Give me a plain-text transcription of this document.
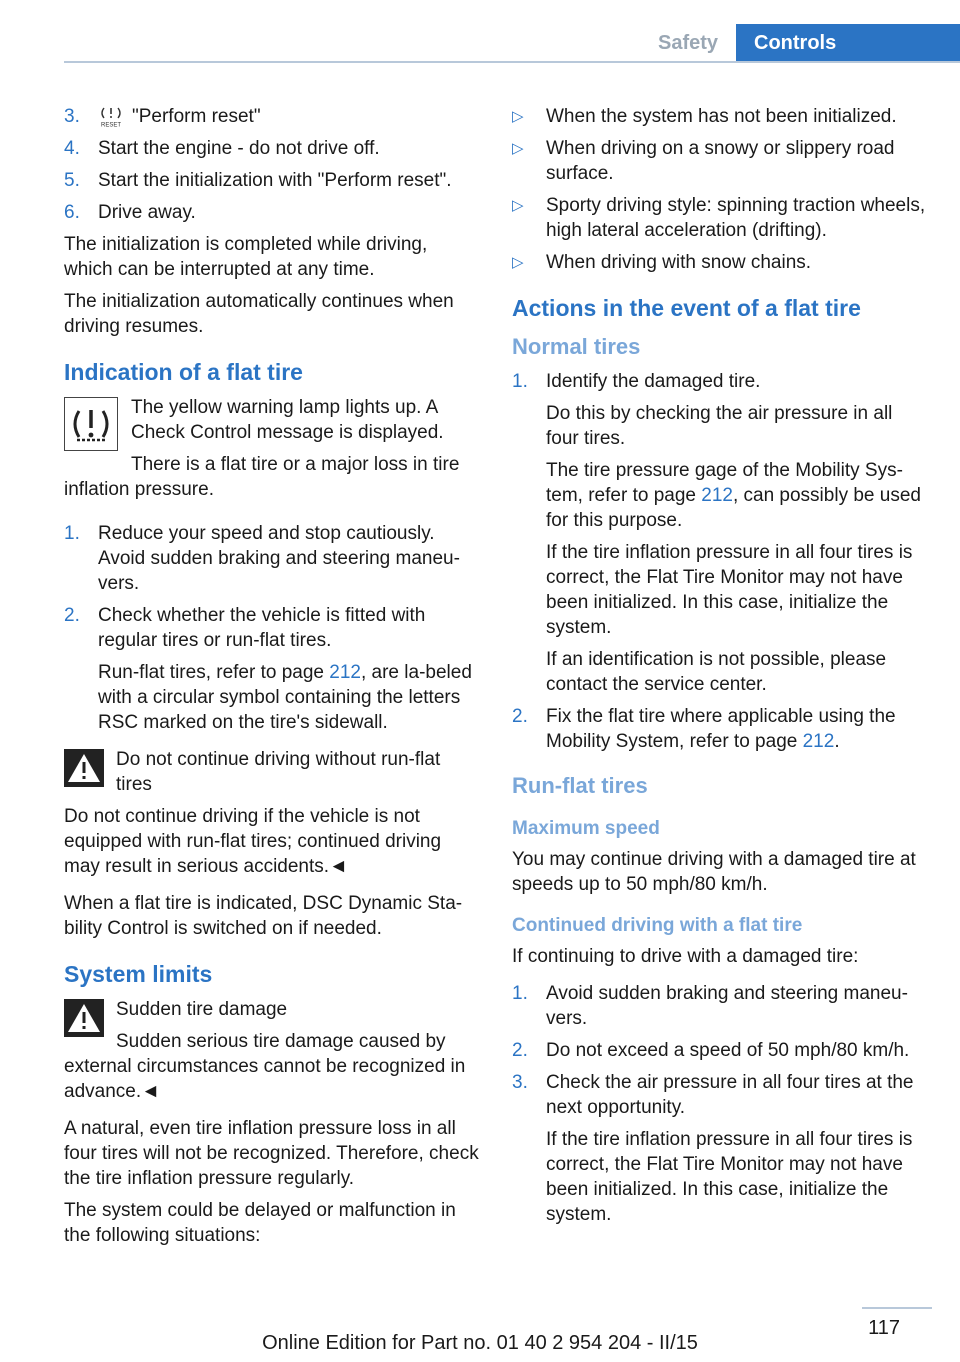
Safety	Controls
3.	RESET "Perform reset"
4. Start the engine - do not drive off.
5. Start the initialization with "Perform reset".
6. Drive away.

The initialization is completed while driving, which can be interrupted at any time.

The initialization automatically continues when driving resumes.

Indication of a flat tire

The yellow warning lamp lights up. A Check Control message is displayed.

There is a flat tire or a major loss in tire inflation pressure.

1. Reduce your speed and stop cautiously. Avoid sudden braking and steering maneu‐vers.
2. Check whether the vehicle is fitted with regular tires or run-flat tires.

Run-flat tires, refer to page 212, are la‐beled with a circular symbol containing the letters RSC marked on the tire's sidewall.

Do not continue driving without run-flat tires

Do not continue driving if the vehicle is not equipped with run-flat tires; continued driving may result in serious accidents.◄

When a flat tire is indicated, DSC Dynamic Sta‐bility Control is switched on if needed.

System limits

Sudden tire damage

Sudden serious tire damage caused by external circumstances cannot be recognized in advance.◄

A natural, even tire inflation pressure loss in all four tires will not be recognized. Therefore, check the tire inflation pressure regularly.

The system could be delayed or malfunction in the following situations:

▷	When the system has not been initialized.
▷	When driving on a snowy or slippery road surface.
▷	Sporty driving style: spinning traction wheels, high lateral acceleration (drifting).
▷	When driving with snow chains.
Actions in the event of a flat tire
Normal tires
1. Identify the damaged tire.

Do this by checking the air pressure in all four tires.

The tire pressure gage of the Mobility Sys‐tem, refer to page 212, can possibly be used for this purpose.

If the tire inflation pressure in all four tires is correct, the Flat Tire Monitor may not have been initialized. In this case, initialize the system.

If an identification is not possible, please contact the service center.

2. Fix the flat tire where applicable using the Mobility System, refer to page 212.
Run-flat tires
Maximum speed

You may continue driving with a damaged tire at speeds up to 50 mph/80 km/h.

Continued driving with a flat tire

If continuing to drive with a damaged tire:

1. Avoid sudden braking and steering maneu‐vers.
2. Do not exceed a speed of 50 mph/80 km/h.
3. Check the air pressure in all four tires at the next opportunity.

If the tire inflation pressure in all four tires is correct, the Flat Tire Monitor may not have been initialized. In this case, initialize the system.

117
Online Edition for Part no. 01 40 2 954 204 - II/15
